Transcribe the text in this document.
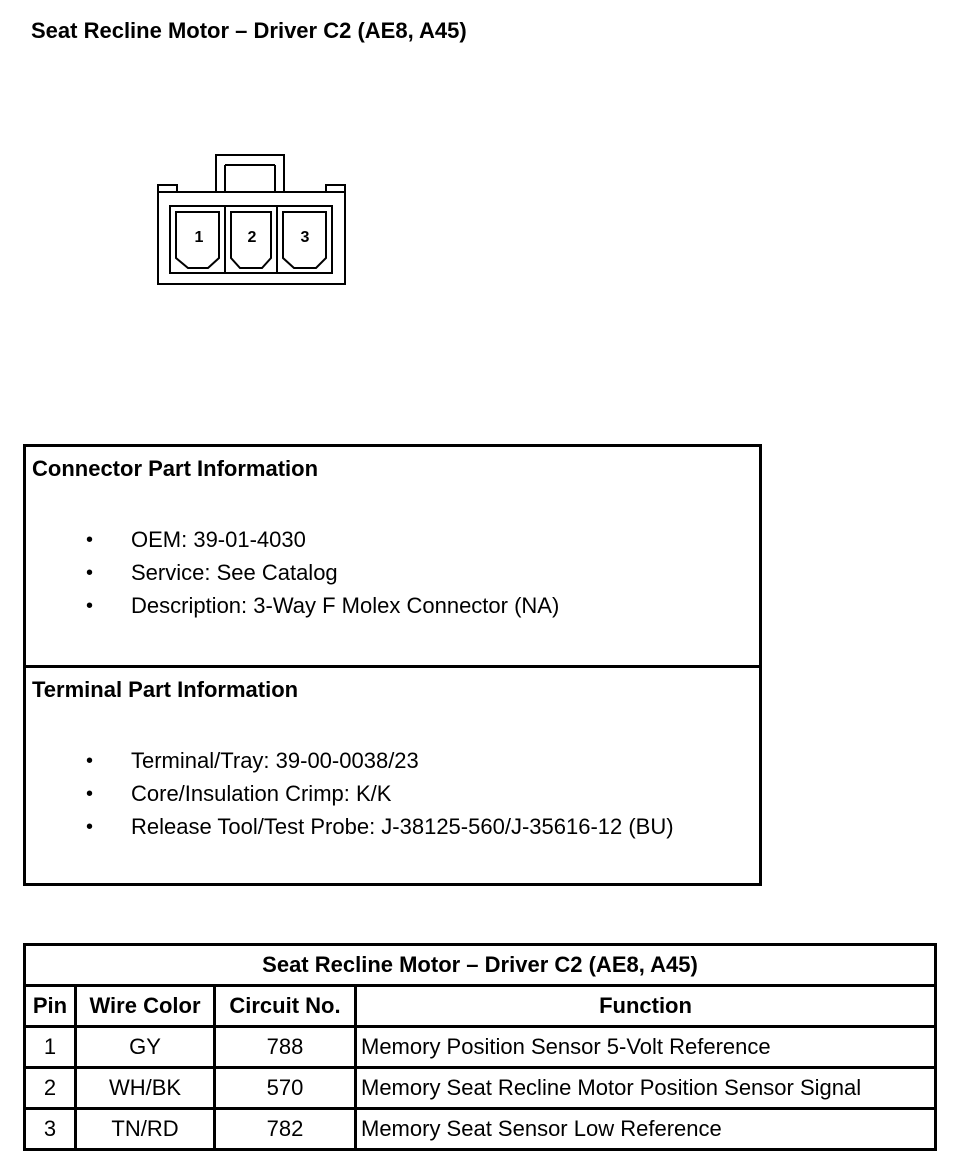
Seat Recline Motor – Driver C2 (AE8, A45)
1	2	3
Connector Part Information
• OEM: 39-01-4030
• Service: See Catalog
• Description: 3-Way F Molex Connector (NA)
Terminal Part Information
• Terminal/Tray: 39-00-0038/23
• Core/Insulation Crimp: K/K
• Release Tool/Test Probe: J-38125-560/J-35616-12 (BU)
Seat Recline Motor – Driver C2 (AE8, A45)			
Pin	Wire Color	Circuit No.	Function
1	GY	788	Memory Position Sensor 5-Volt Reference
2	WH/BK	570	Memory Seat Recline Motor Position Sensor Signal
3	TN/RD	782	Memory Seat Sensor Low Reference
